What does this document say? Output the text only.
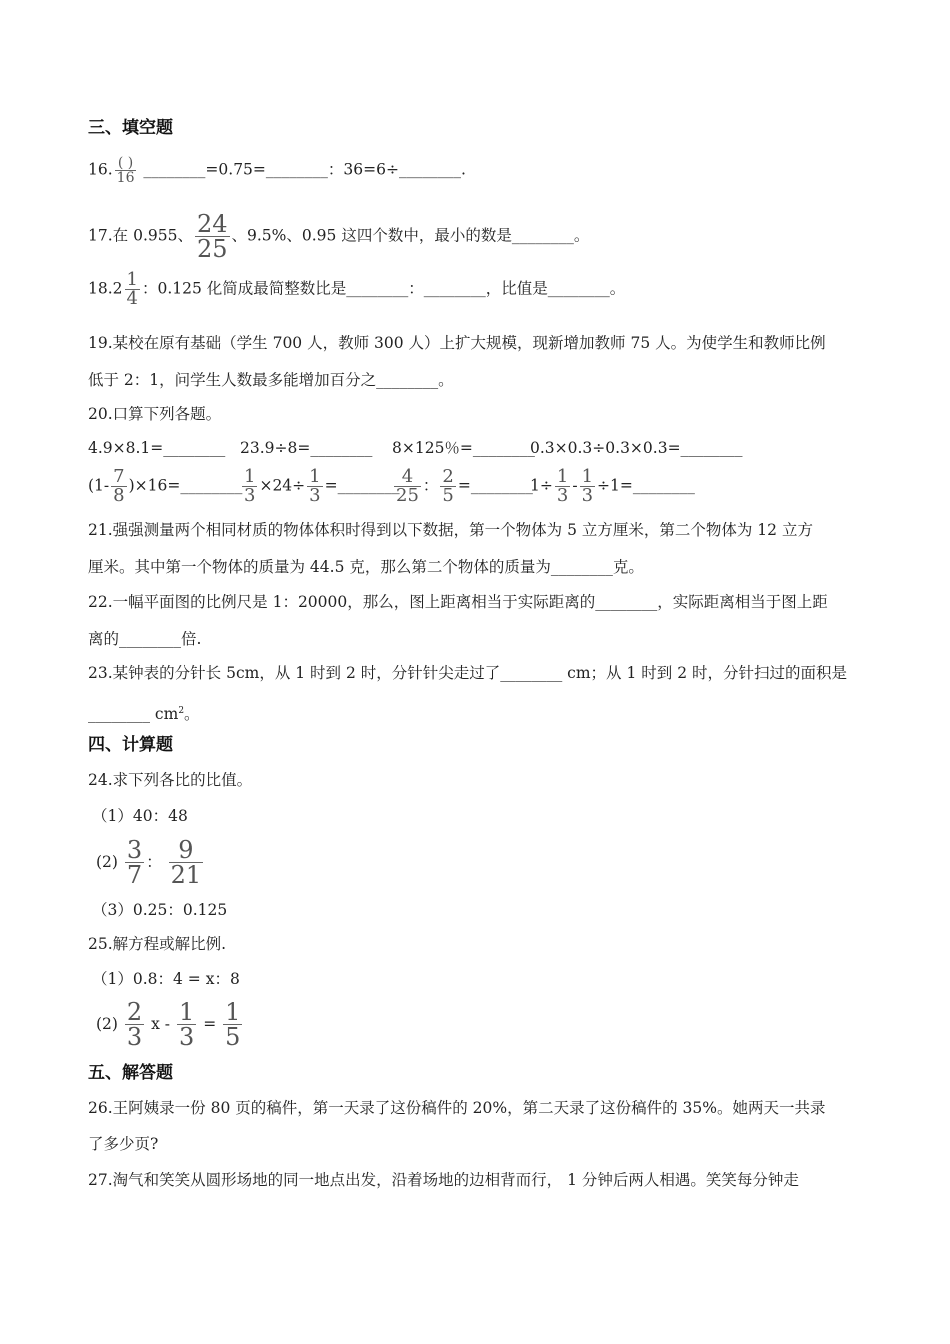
三、填空题
16. $\frac{( )}{16}$ ________=0.75=________：36=6÷________.
17.在 0.955、 $\frac{24}{25}$ 、9.5%、0.95 这四个数中，最小的数是________。
$18.2 \frac{1}{4}$ ：0.125 化简成最简整数比是________：________，比值是________。
19.某校在原有基础（学生 700 人，教师 300 人）上扩大规模，现新增加教师 75 人。为使学生和教师比例
低于 2：1，问学生人数最多能增加百分之________。
20.口算下列各题。
4.9×8.1=________ 23.9÷8=________ 8×125％=________
0.3×0.3÷0.3×0.3=________
($1- \frac{7}{8}$ )×16=________ $\frac{1}{3} \times 24\div \frac{1}{3}$ =________
$\frac{4}{25}$ ： $\frac{2}{5}$ =________
$1\div \frac{1}{3} - \frac{1}{3}$ ÷1=________
21.强强测量两个相同材质的物体体积时得到以下数据，第一个物体为 5 立方厘米，第二个物体为 12 立方
厘米。其中第一个物体的质量为 44.5 克，那么第二个物体的质量为________克。
22.一幅平面图的比例尺是 1：20000，那么，图上距离相当于实际距离的________，实际距离相当于图上距
离的________倍.
23.某钟表的分针长 5cm，从 1 时到 2 时，分针针尖走过了________ cm；从 1 时到 2 时，分针扫过的面积是
________ $cm^2$。
四、计算题
24.求下列各比的比值。
（1）40：48
$(2) \frac{3}{7}$ ： $\frac{9}{21}$
（3）0.25：0.125
25.解方程或解比例.
（1）0.8：4 = x：8
$(2) \frac{2}{3}$ $x - \frac{1}{3} = \frac{1}{5}$
五、解答题
26.王阿姨录一份 80 页的稿件，第一天录了这份稿件的 20%，第二天录了这份稿件的 35%。她两天一共录
了多少页?
27.淘气和笑笑从圆形场地的同一地点出发，沿着场地的边相背而行， 1 分钟后两人相遇。笑笑每分钟走
